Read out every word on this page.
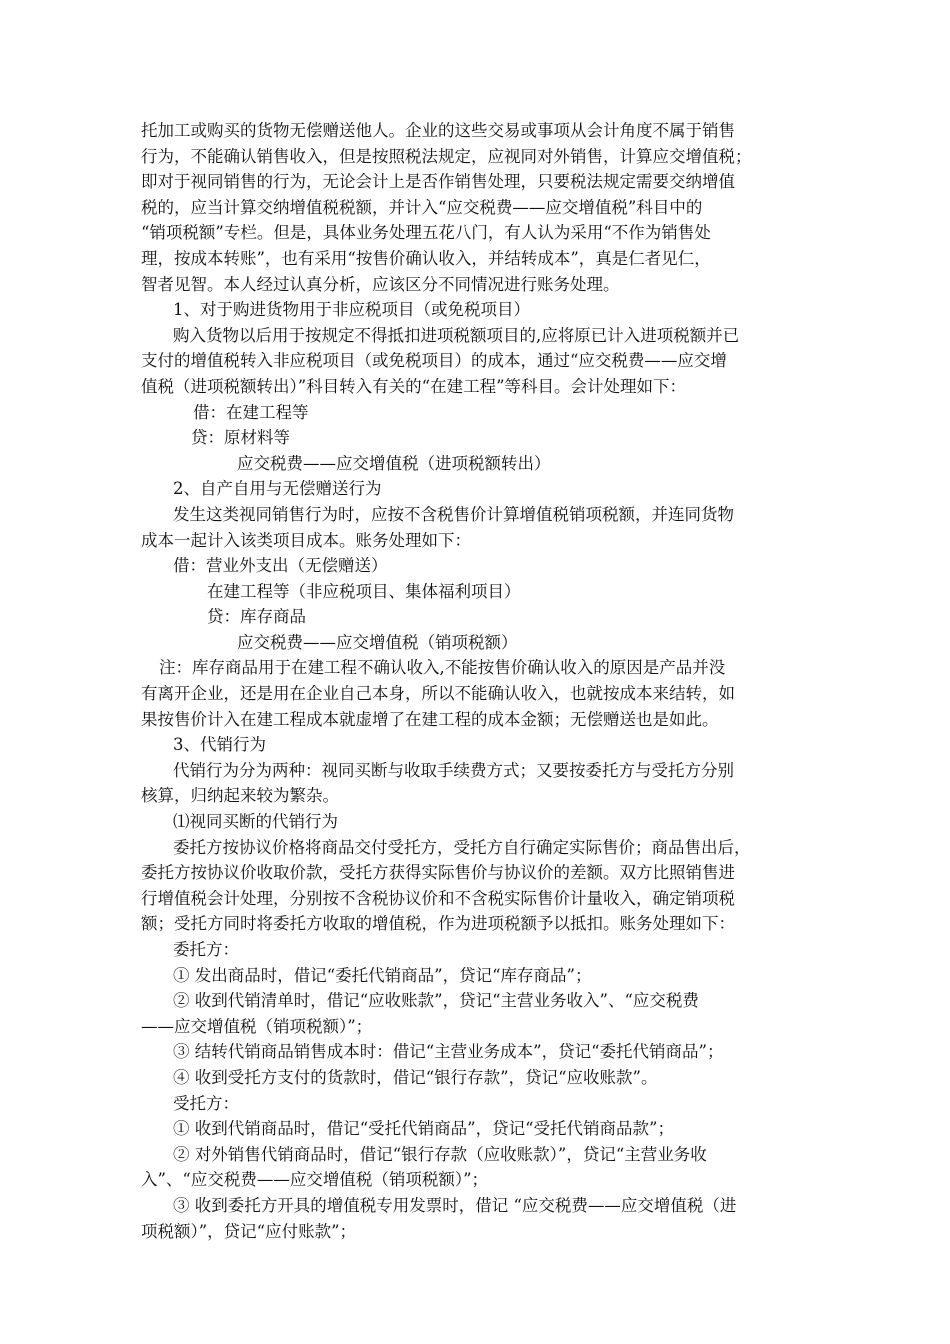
托加工或购买的货物无偿赠送他人。企业的这些交易或事项从会计角度不属于销售
行为，不能确认销售收入，但是按照税法规定，应视同对外销售，计算应交增值税；
即对于视同销售的行为，无论会计上是否作销售处理，只要税法规定需要交纳增值
税的，应当计算交纳增值税税额，并计入“应交税费——应交增值税”科目中的
“销项税额”专栏。但是，具体业务处理五花八门，有人认为采用“不作为销售处
理，按成本转账”，也有采用“按售价确认收入，并结转成本”，真是仁者见仁，
智者见智。本人经过认真分析，应该区分不同情况进行账务处理。
1、对于购进货物用于非应税项目（或免税项目）
购入货物以后用于按规定不得抵扣进项税额项目的,应将原已计入进项税额并已
支付的增值税转入非应税项目（或免税项目）的成本，通过“应交税费——应交增
值税（进项税额转出）”科目转入有关的“在建工程”等科目。会计处理如下：
借：在建工程等
贷：原材料等
应交税费——应交增值税（进项税额转出）
2、自产自用与无偿赠送行为
发生这类视同销售行为时，应按不含税售价计算增值税销项税额，并连同货物
成本一起计入该类项目成本。账务处理如下：
借：营业外支出（无偿赠送）
在建工程等（非应税项目、集体福利项目）
贷：库存商品
应交税费——应交增值税（销项税额）
注：库存商品用于在建工程不确认收入,不能按售价确认收入的原因是产品并没
有离开企业，还是用在企业自己本身，所以不能确认收入，也就按成本来结转，如
果按售价计入在建工程成本就虚增了在建工程的成本金额；无偿赠送也是如此。
3、代销行为
代销行为分为两种：视同买断与收取手续费方式；又要按委托方与受托方分别
核算，归纳起来较为繁杂。
⑴视同买断的代销行为
委托方按协议价格将商品交付受托方，受托方自行确定实际售价；商品售出后，
委托方按协议价收取价款，受托方获得实际售价与协议价的差额。双方比照销售进
行增值税会计处理，分别按不含税协议价和不含税实际售价计量收入，确定销项税
额；受托方同时将委托方收取的增值税，作为进项税额予以抵扣。账务处理如下：
委托方：
① 发出商品时，借记“委托代销商品”，贷记“库存商品”；
② 收到代销清单时，借记“应收账款”，贷记“主营业务收入”、“应交税费
——应交增值税（销项税额）”；
③ 结转代销商品销售成本时：借记“主营业务成本”，贷记“委托代销商品”；
④ 收到受托方支付的货款时，借记“银行存款”，贷记“应收账款”。
受托方：
① 收到代销商品时，借记“受托代销商品”，贷记“受托代销商品款”；
② 对外销售代销商品时，借记“银行存款（应收账款）”，贷记“主营业务收
入”、“应交税费——应交增值税（销项税额）”；
③ 收到委托方开具的增值税专用发票时，借记 “应交税费——应交增值税（进
项税额）”，贷记“应付账款”；
